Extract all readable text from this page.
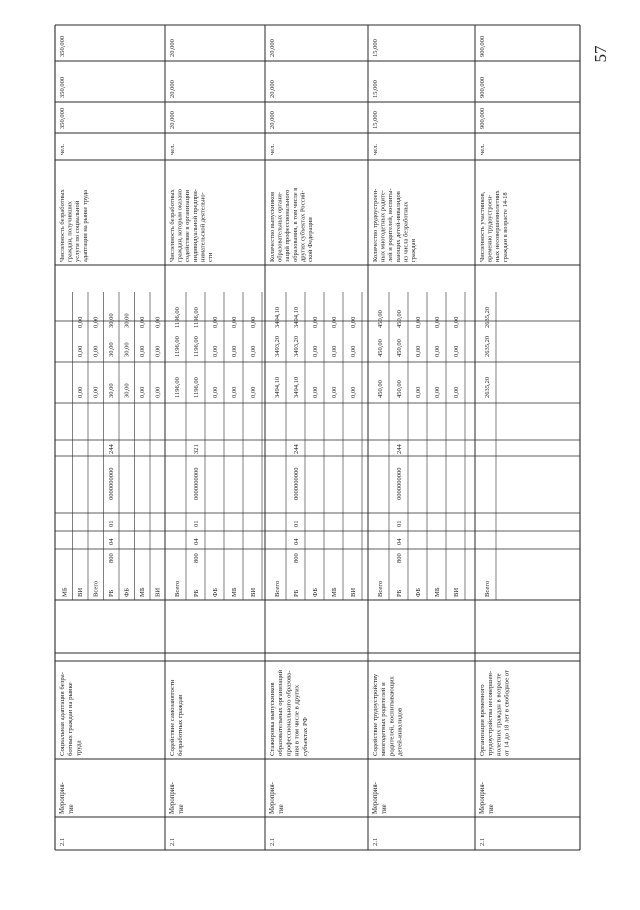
57
2.1
Мероприя- тие
Социальная адаптация безра- ботных граждан на рынке труда
МБ ВИ
0,00
0,00
0,00
Всего
0,00
0,00
0,00
РБ
800
04
01
0000000000
244
30,00
30,00
30,00
ФБ
30,00
30,00
30,00
МБ
0,00
0,00
0,00
ВИ
0,00
0,00
0,00
Численность безработных граждан, получивших услуги по социальной адаптации на рынке труда
чел.
350,000
350,000
350,000
2.1
Мероприя- тие
Содействие самозанятости безработных граждан
Всего
1196,00
1196,00
1196,00
РБ
800
04
01
0000000000
321
1196,00
1196,00
1196,00
ФБ
0,00
0,00
0,00
МБ
0,00
0,00
0,00
ВИ
0,00
0,00
0,00
Численность безработных граждан, которым оказано содействие в организации индивидуальной предпри- нимательской деятельно- сти
чел.
20,000
20,000
20,000
2.1
Мероприя- тие
Стажировка выпускников образовательных организаций профессионального образова- ния в том числе в других субъектах РФ
Всего
3494,10
3493,20
3494,10
РБ
800
04
01
0000000000
244
3494,10
3493,20
3494,10
ФБ
0,00
0,00
0,00
МБ
0,00
0,00
0,00
ВИ
0,00
0,00
0,00
Количество выпускников образовательных органи- заций профессионального образования, в том числе в других субъектах Россий- ской Федерации
чел.
20,000
20,000
20,000
2.1
Мероприя- тие
Содействие трудоустройству многодетных родителей и родителей, воспитывающих детей-инвалидов
Всего
450,00
450,00
450,00
РБ
800
04
01
0000000000
244
450,00
450,00
450,00
ФБ
0,00
0,00
0,00
МБ
0,00
0,00
0,00
ВИ
0,00
0,00
0,00
Количество трудоустроен- ных многодетных родите- лей и родителей, воспиты- вающих детей-инвалидов из числа безработных граждан
чел.
15,000
15,000
15,000
2.1
Мероприя- тие
Организация временного трудоустройства несовершен- нолетних граждан в возрасте от 14 до 18 лет в свободное от
Всего
2635,20
2635,20
2635,20
Численность участников, временно трудоустроен- ных несовершеннолетних граждан в возрасте 14-18
чел.
900,000
900,000
900,000
